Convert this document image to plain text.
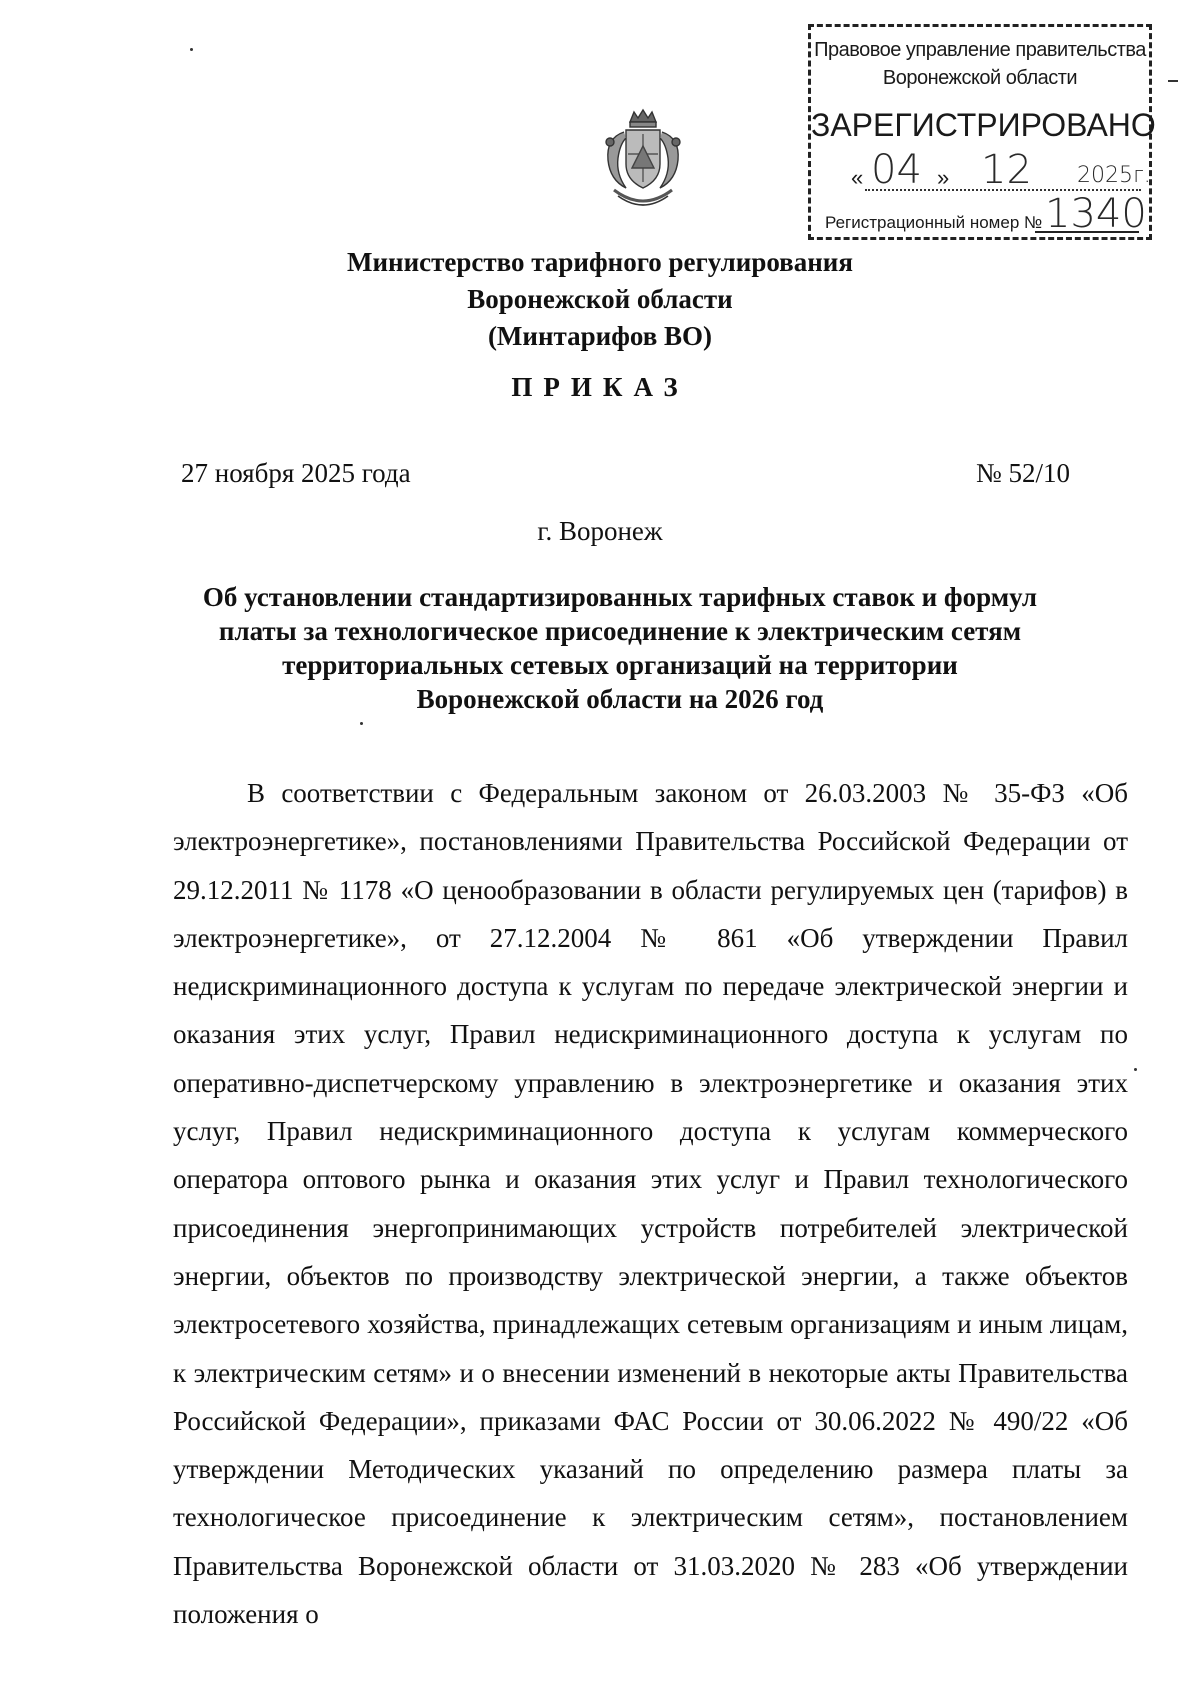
Правовое управление правительства
Воронежской области
ЗАРЕГИСТРИРОВАНО
« 04 » 12 2025г.
Регистрационный номер № 1340
Министерство тарифного регулирования
Воронежской области
(Минтарифов ВО)
ПРИКАЗ
27 ноября 2025 года	№ 52/10
г. Воронеж
Об установлении стандартизированных тарифных ставок и формул
платы за технологическое присоединение к электрическим сетям
территориальных сетевых организаций на территории
Воронежской области на 2026 год

В соответствии с Федеральным законом от 26.03.2003 № 35-ФЗ «Об электроэнергетике», постановлениями Правительства Российской Федерации от 29.12.2011 № 1178 «О ценообразовании в области регулируемых цен (тарифов) в электроэнергетике», от 27.12.2004 № 861 «Об утверждении Правил недискриминационного доступа к услугам по передаче электрической энергии и оказания этих услуг, Правил недискриминационного доступа к услугам по оперативно-диспетчерскому управлению в электроэнергетике и оказания этих услуг, Правил недискриминационного доступа к услугам коммерческого оператора оптового рынка и оказания этих услуг и Правил технологического присоединения энергопринимающих устройств потребителей электрической энергии, объектов по производству электрической энергии, а также объектов электросетевого хозяйства, принадлежащих сетевым организациям и иным лицам, к электрическим сетям» и о внесении изменений в некоторые акты Правительства Российской Федерации», приказами ФАС России от 30.06.2022 № 490/22 «Об утверждении Методических указаний по определению размера платы за технологическое присоединение к электрическим сетям», постановлением Правительства Воронежской области от 31.03.2020 № 283 «Об утверждении положения о
